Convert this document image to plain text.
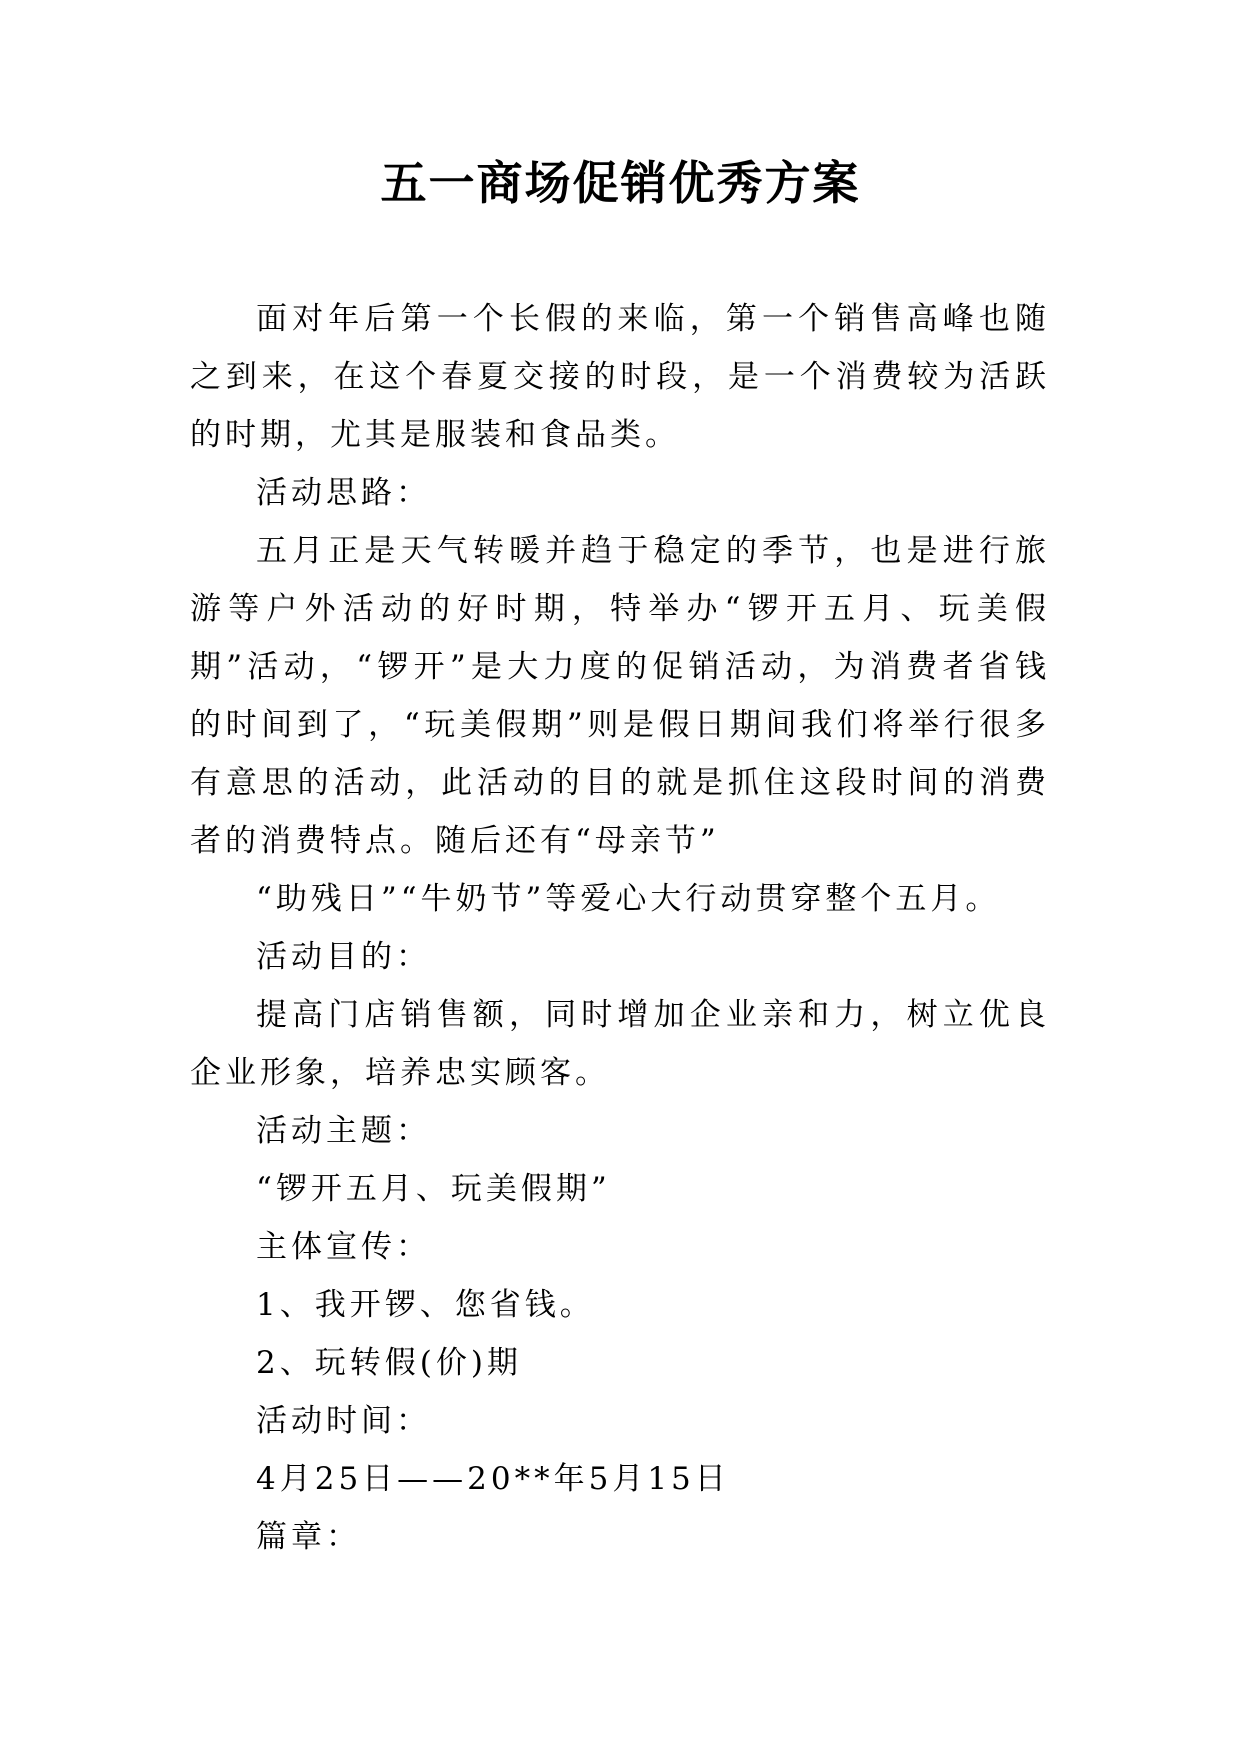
五一商场促销优秀方案

面对年后第一个长假的来临，第一个销售高峰也随之到来，在这个春夏交接的时段，是一个消费较为活跃的时期，尤其是服装和食品类。

活动思路：

五月正是天气转暖并趋于稳定的季节，也是进行旅游等户外活动的好时期，特举办“锣开五月、玩美假期”活动，“锣开”是大力度的促销活动，为消费者省钱的时间到了，“玩美假期”则是假日期间我们将举行很多有意思的活动，此活动的目的就是抓住这段时间的消费者的消费特点。随后还有“母亲节”

“助残日”“牛奶节”等爱心大行动贯穿整个五月。

活动目的：

提高门店销售额，同时增加企业亲和力，树立优良企业形象，培养忠实顾客。

活动主题：

“锣开五月、玩美假期”

主体宣传：

1、我开锣、您省钱。

2、玩转假(价)期

活动时间：

4月25日——20**年5月15日

篇章：
